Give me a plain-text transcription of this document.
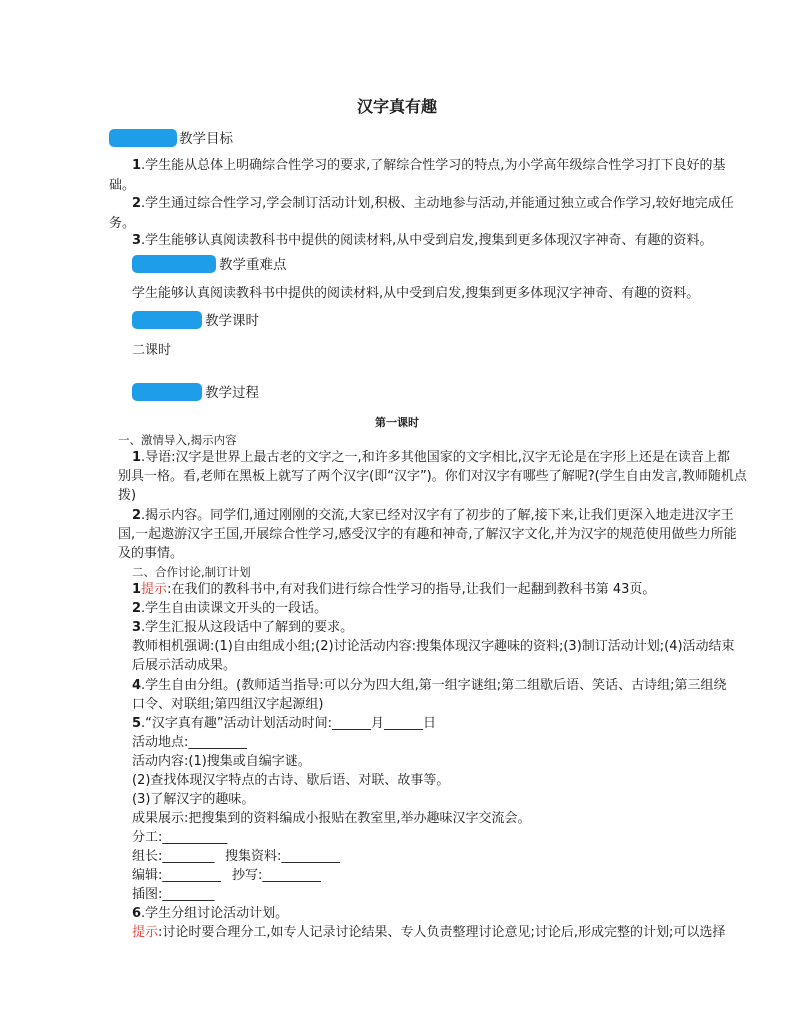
汉字真有趣
教学目标
1.学生能从总体上明确综合性学习的要求,了解综合性学习的特点,为小学高年级综合性学习打下良好的基
础。
2.学生通过综合性学习,学会制订活动计划,积极、主动地参与活动,并能通过独立或合作学习,较好地完成任
务。
3.学生能够认真阅读教科书中提供的阅读材料,从中受到启发,搜集到更多体现汉字神奇、有趣的资料。
教学重难点
学生能够认真阅读教科书中提供的阅读材料,从中受到启发,搜集到更多体现汉字神奇、有趣的资料。
教学课时
二课时
教学过程
第一课时
一、激情导入,揭示内容
1.导语:汉字是世界上最古老的文字之一,和许多其他国家的文字相比,汉字无论是在字形上还是在读音上都
别具一格。看,老师在黑板上就写了两个汉字(即“汉字”)。你们对汉字有哪些了解呢?(学生自由发言,教师随机点
拨)
2.揭示内容。同学们,通过刚刚的交流,大家已经对汉字有了初步的了解,接下来,让我们更深入地走进汉字王
国,一起遨游汉字王国,开展综合性学习,感受汉字的有趣和神奇,了解汉字文化,并为汉字的规范使用做些力所能
及的事情。
二、合作讨论,制订计划
1提示:在我们的教科书中,有对我们进行综合性学习的指导,让我们一起翻到教科书第 43页。
2.学生自由读课文开头的一段话。
3.学生汇报从这段话中了解到的要求。
教师相机强调:(1)自由组成小组;(2)讨论活动内容:搜集体现汉字趣味的资料;(3)制订活动计划;(4)活动结束
后展示活动成果。
4.学生自由分组。(教师适当指导:可以分为四大组,第一组字谜组;第二组歇后语、笑话、古诗组;第三组绕
口令、对联组;第四组汉字起源组)
5.“汉字真有趣”活动计划活动时间:______月______日
活动地点:_________
活动内容:(1)搜集或自编字谜。
(2)查找体现汉字特点的古诗、歇后语、对联、故事等。
(3)了解汉字的趣味。
成果展示:把搜集到的资料编成小报贴在教室里,举办趣味汉字交流会。
分工:__________
组长:________ 搜集资料:_________
编辑:_________ 抄写:_________
插图:________
6.学生分组讨论活动计划。
提示:讨论时要合理分工,如专人记录讨论结果、专人负责整理讨论意见;讨论后,形成完整的计划;可以选择
